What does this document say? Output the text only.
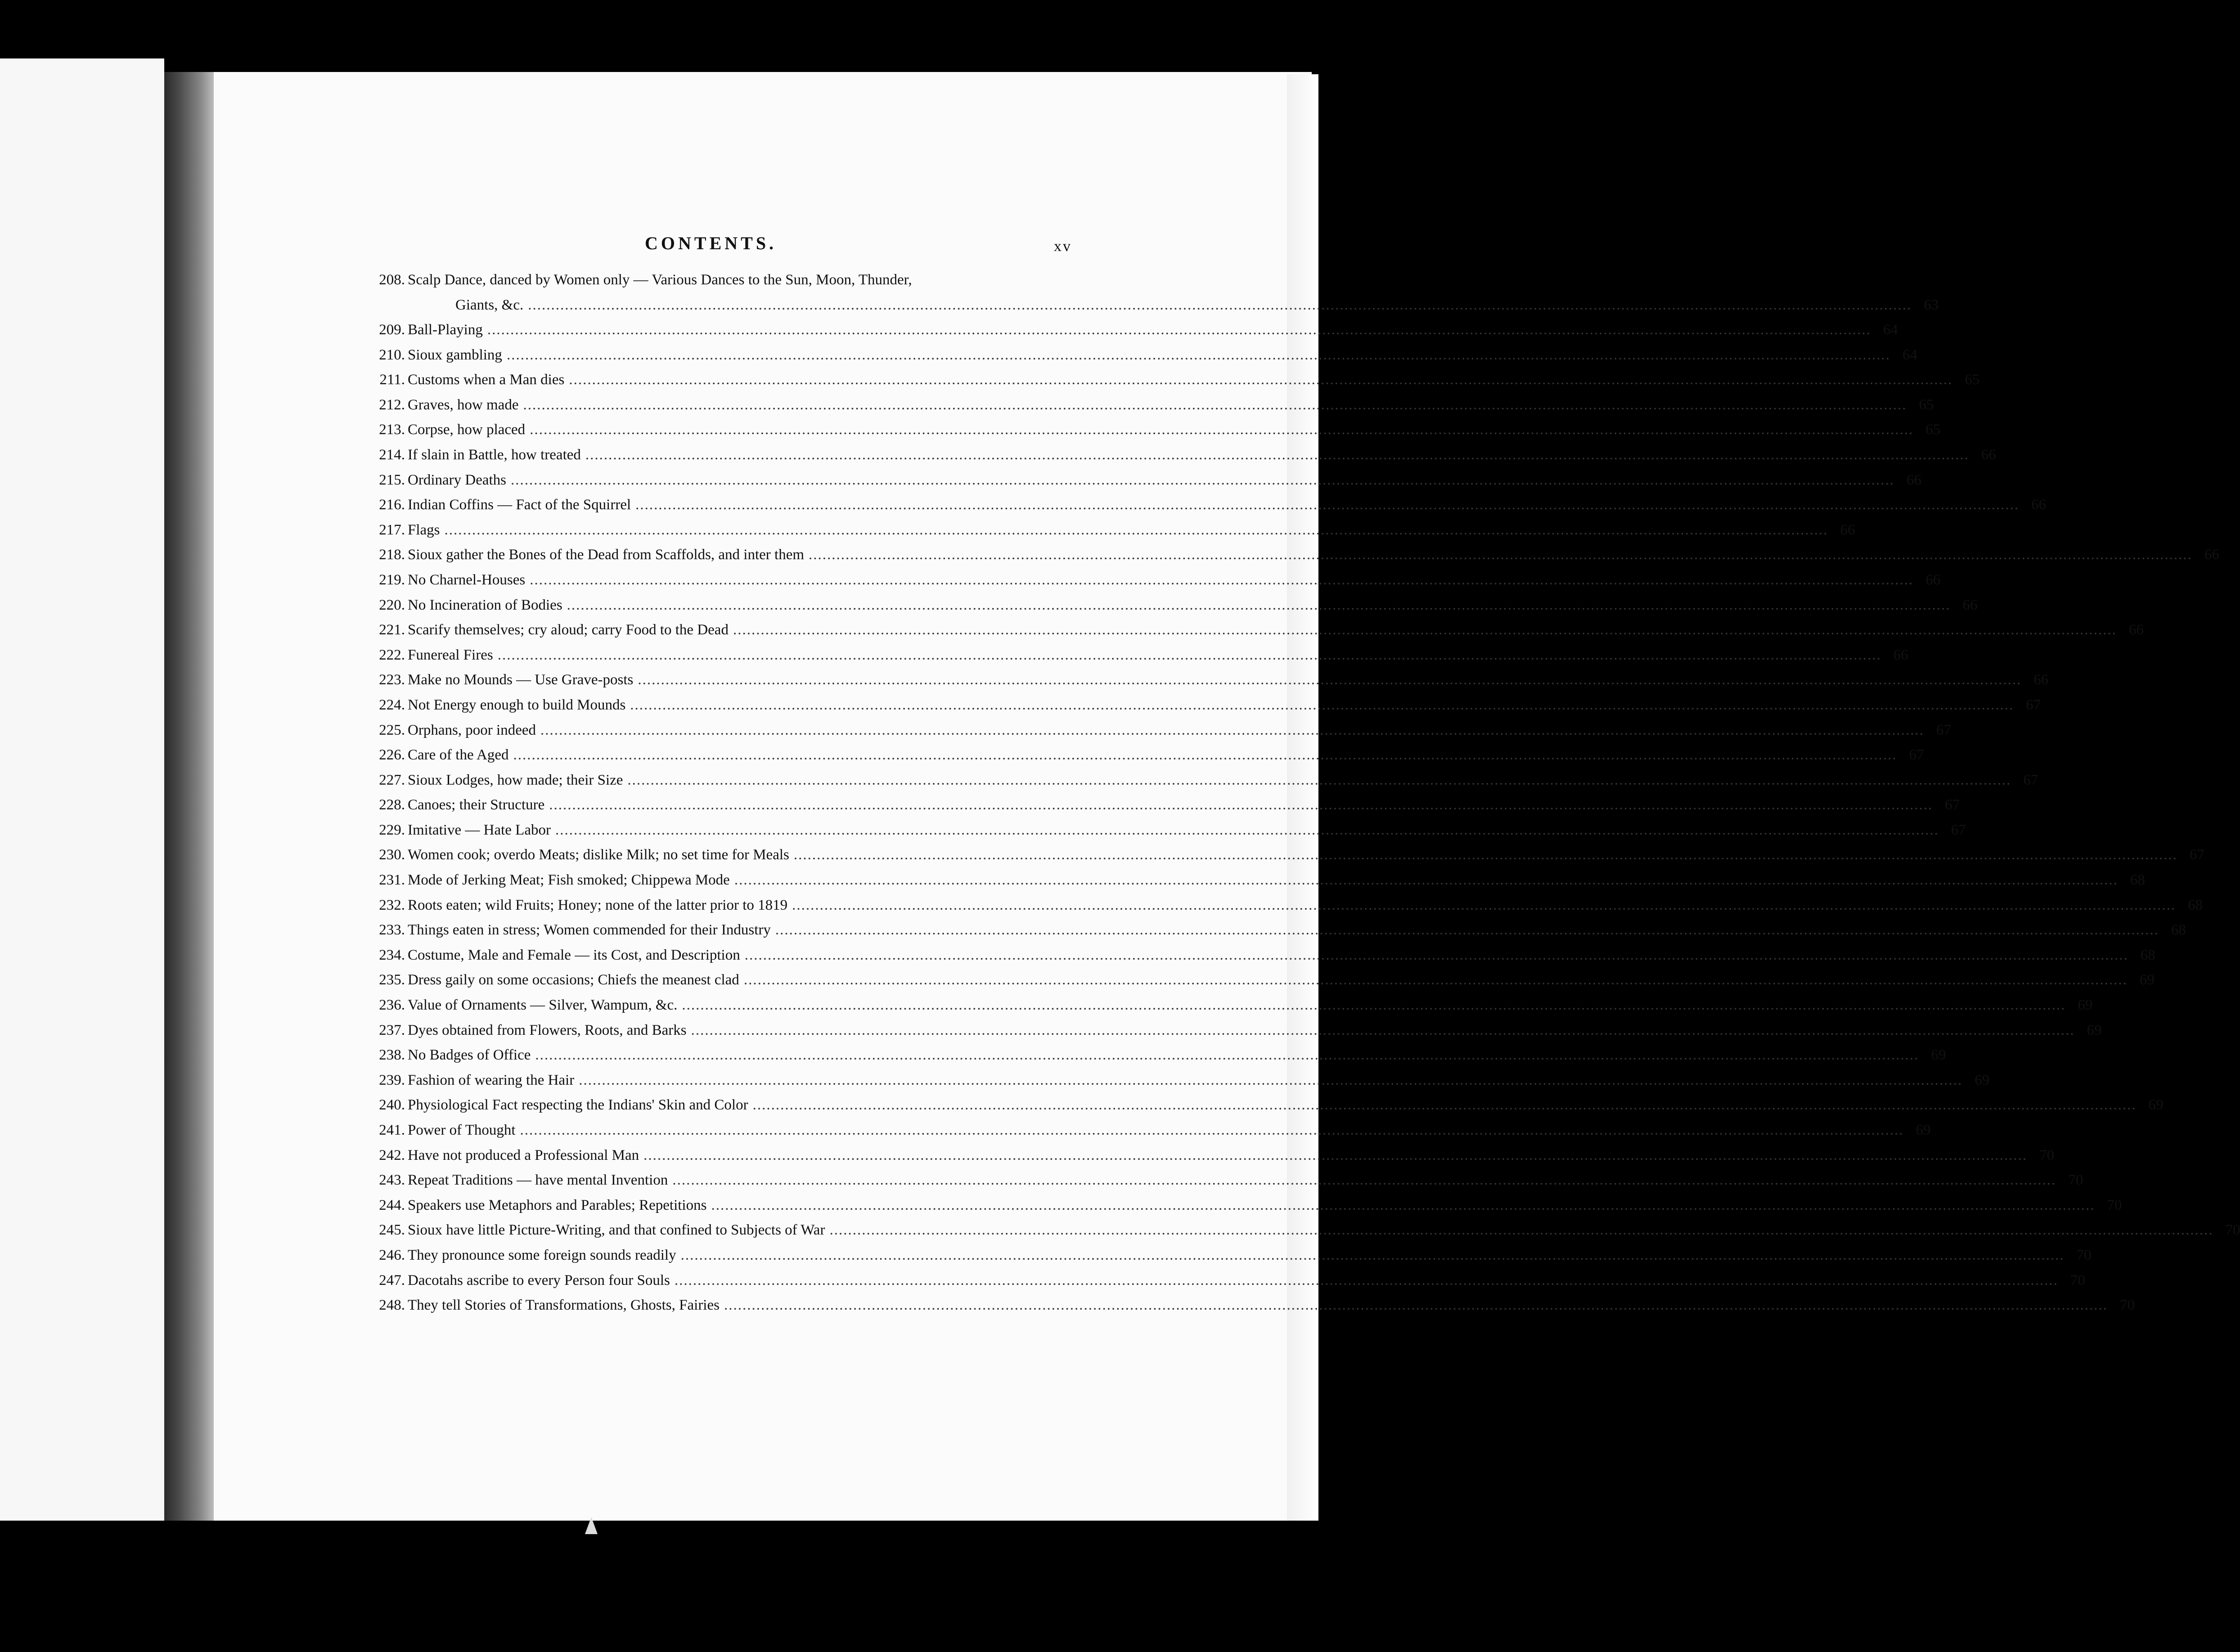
CONTENTS.	xv
208. Scalp Dance, danced by Women only — Various Dances to the Sun, Moon, Thunder,
Giants, &c. ............................................................................................................................................................................................................................................................................................................ 63
209. Ball-Playing ............................................................................................................................................................................................................................................................................................................ 64
210. Sioux gambling ............................................................................................................................................................................................................................................................................................................ 64
211. Customs when a Man dies ............................................................................................................................................................................................................................................................................................................ 65
212. Graves, how made ............................................................................................................................................................................................................................................................................................................ 65
213. Corpse, how placed ............................................................................................................................................................................................................................................................................................................ 65
214. If slain in Battle, how treated ............................................................................................................................................................................................................................................................................................................ 66
215. Ordinary Deaths ............................................................................................................................................................................................................................................................................................................ 66
216. Indian Coffins — Fact of the Squirrel ............................................................................................................................................................................................................................................................................................................ 66
217. Flags ............................................................................................................................................................................................................................................................................................................ 66
218. Sioux gather the Bones of the Dead from Scaffolds, and inter them ............................................................................................................................................................................................................................................................................................................ 66
219. No Charnel-Houses ............................................................................................................................................................................................................................................................................................................ 66
220. No Incineration of Bodies ............................................................................................................................................................................................................................................................................................................ 66
221. Scarify themselves; cry aloud; carry Food to the Dead ............................................................................................................................................................................................................................................................................................................ 66
222. Funereal Fires ............................................................................................................................................................................................................................................................................................................ 66
223. Make no Mounds — Use Grave-posts ............................................................................................................................................................................................................................................................................................................ 66
224. Not Energy enough to build Mounds ............................................................................................................................................................................................................................................................................................................ 67
225. Orphans, poor indeed ............................................................................................................................................................................................................................................................................................................ 67
226. Care of the Aged ............................................................................................................................................................................................................................................................................................................ 67
227. Sioux Lodges, how made; their Size ............................................................................................................................................................................................................................................................................................................ 67
228. Canoes; their Structure ............................................................................................................................................................................................................................................................................................................ 67
229. Imitative — Hate Labor ............................................................................................................................................................................................................................................................................................................ 67
230. Women cook; overdo Meats; dislike Milk; no set time for Meals ............................................................................................................................................................................................................................................................................................................ 67
231. Mode of Jerking Meat; Fish smoked; Chippewa Mode ............................................................................................................................................................................................................................................................................................................ 68
232. Roots eaten; wild Fruits; Honey; none of the latter prior to 1819 ............................................................................................................................................................................................................................................................................................................ 68
233. Things eaten in stress; Women commended for their Industry ............................................................................................................................................................................................................................................................................................................ 68
234. Costume, Male and Female — its Cost, and Description ............................................................................................................................................................................................................................................................................................................ 68
235. Dress gaily on some occasions; Chiefs the meanest clad ............................................................................................................................................................................................................................................................................................................ 69
236. Value of Ornaments — Silver, Wampum, &c. ............................................................................................................................................................................................................................................................................................................ 69
237. Dyes obtained from Flowers, Roots, and Barks ............................................................................................................................................................................................................................................................................................................ 69
238. No Badges of Office ............................................................................................................................................................................................................................................................................................................ 69
239. Fashion of wearing the Hair ............................................................................................................................................................................................................................................................................................................ 69
240. Physiological Fact respecting the Indians' Skin and Color ............................................................................................................................................................................................................................................................................................................ 69
241. Power of Thought ............................................................................................................................................................................................................................................................................................................ 69
242. Have not produced a Professional Man ............................................................................................................................................................................................................................................................................................................ 70
243. Repeat Traditions — have mental Invention ............................................................................................................................................................................................................................................................................................................ 70
244. Speakers use Metaphors and Parables; Repetitions ............................................................................................................................................................................................................................................................................................................ 70
245. Sioux have little Picture-Writing, and that confined to Subjects of War ............................................................................................................................................................................................................................................................................................................ 70
246. They pronounce some foreign sounds readily ............................................................................................................................................................................................................................................................................................................ 70
247. Dacotahs ascribe to every Person four Souls ............................................................................................................................................................................................................................................................................................................ 70
248. They tell Stories of Transformations, Ghosts, Fairies ............................................................................................................................................................................................................................................................................................................ 70
